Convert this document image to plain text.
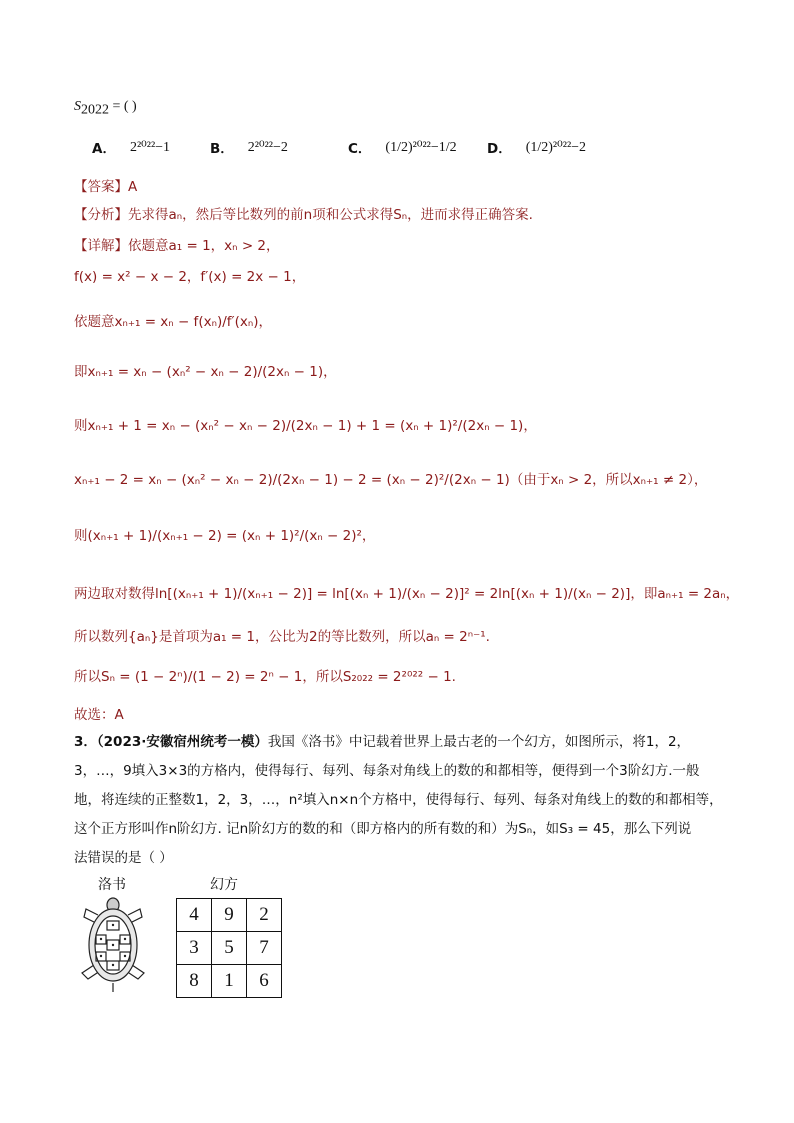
$S_{2022}$ = ( )
A． 2²⁰²²−1	B． 2²⁰²²−2	C． (1/2)²⁰²²−1/2 D． (1/2)²⁰²²−2
【答案】A
【分析】先求得aₙ，然后等比数列的前n项和公式求得Sₙ，进而求得正确答案.
【详解】依题意a₁ = 1，xₙ > 2，
f(x) = x² − x − 2，f′(x) = 2x − 1，
依题意xₙ₊₁ = xₙ − f(xₙ)/f′(xₙ)，
即xₙ₊₁ = xₙ − (xₙ² − xₙ − 2)/(2xₙ − 1)，
则xₙ₊₁ + 1 = xₙ − (xₙ² − xₙ − 2)/(2xₙ − 1) + 1 = (xₙ + 1)²/(2xₙ − 1)，
xₙ₊₁ − 2 = xₙ − (xₙ² − xₙ − 2)/(2xₙ − 1) − 2 = (xₙ − 2)²/(2xₙ − 1)（由于xₙ > 2，所以xₙ₊₁ ≠ 2），
则(xₙ₊₁ + 1)/(xₙ₊₁ − 2) = (xₙ + 1)²/(xₙ − 2)²，
两边取对数得ln[(xₙ₊₁ + 1)/(xₙ₊₁ − 2)] = ln[(xₙ + 1)/(xₙ − 2)]² = 2ln[(xₙ + 1)/(xₙ − 2)]，即aₙ₊₁ = 2aₙ，
所以数列{aₙ}是首项为a₁ = 1，公比为2的等比数列，所以aₙ = 2ⁿ⁻¹.
所以Sₙ = (1 − 2ⁿ)/(1 − 2) = 2ⁿ − 1，所以S₂₀₂₂ = 2²⁰²² − 1.
故选：A
3．（2023·安徽宿州统考一模）我国《洛书》中记载着世界上最古老的一个幻方，如图所示，将1，2，
3，…，9填入3×3的方格内，使得每行、每列、每条对角线上的数的和都相等，便得到一个3阶幻方.一般
地，将连续的正整数1，2，3，…，n²填入n×n个方格中，使得每行、每列、每条对角线上的数的和都相等，
这个正方形叫作n阶幻方. 记n阶幻方的数的和（即方格内的所有数的和）为Sₙ，如S₃ = 45，那么下列说
法错误的是（ ）
洛书	幻方
4	9	2
3	5	7
8	1	6
